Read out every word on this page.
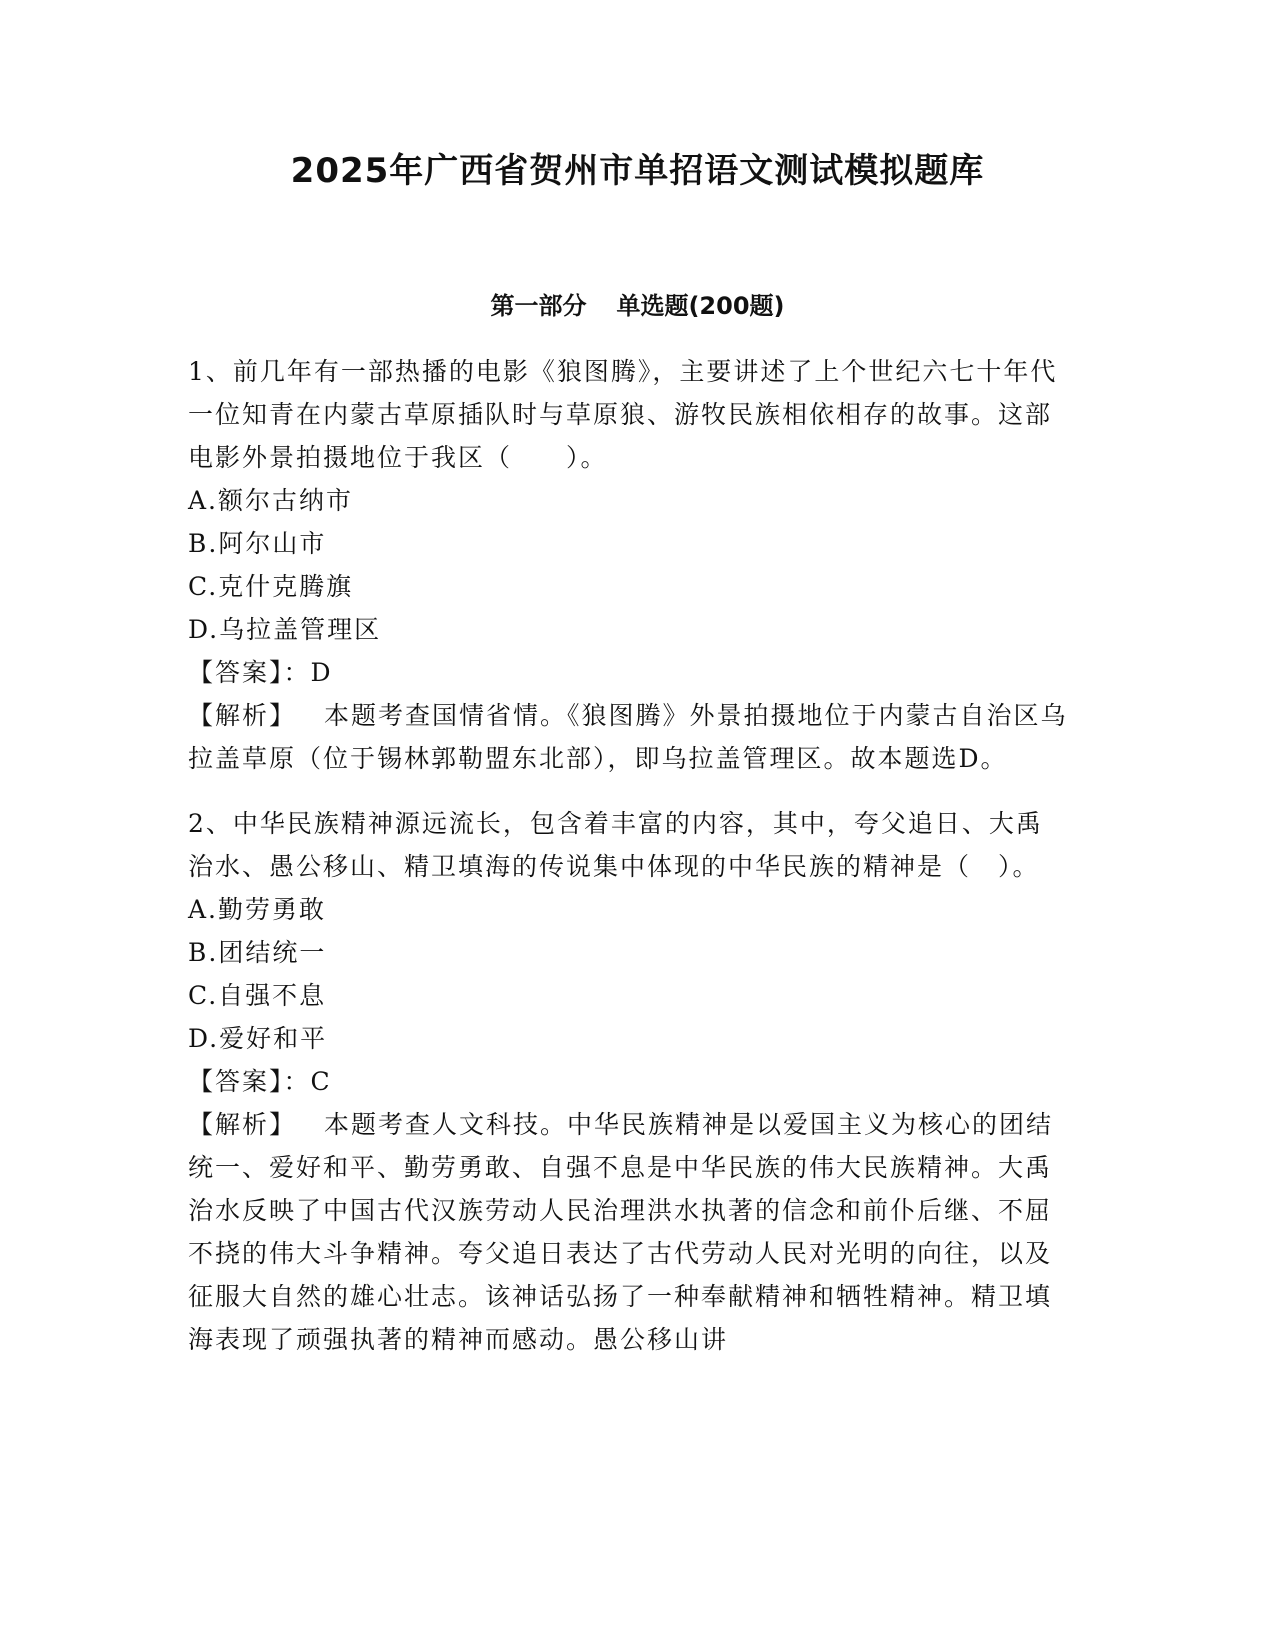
2025年广西省贺州市单招语文测试模拟题库
第一部分 单选题(200题)

1、前几年有一部热播的电影《狼图腾》，主要讲述了上个世纪六七十年代一位知青在内蒙古草原插队时与草原狼、游牧民族相依相存的故事。这部电影外景拍摄地位于我区（　　）。

A.额尔古纳市

B.阿尔山市

C.克什克腾旗

D.乌拉盖管理区

【答案】：D

【解析】 本题考查国情省情。《狼图腾》外景拍摄地位于内蒙古自治区乌拉盖草原（位于锡林郭勒盟东北部），即乌拉盖管理区。故本题选D。

2、中华民族精神源远流长，包含着丰富的内容，其中，夸父追日、大禹治水、愚公移山、精卫填海的传说集中体现的中华民族的精神是（　）。

A.勤劳勇敢

B.团结统一

C.自强不息

D.爱好和平

【答案】：C

【解析】 本题考查人文科技。中华民族精神是以爱国主义为核心的团结统一、爱好和平、勤劳勇敢、自强不息是中华民族的伟大民族精神。大禹治水反映了中国古代汉族劳动人民治理洪水执著的信念和前仆后继、不屈不挠的伟大斗争精神。夸父追日表达了古代劳动人民对光明的向往，以及征服大自然的雄心壮志。该神话弘扬了一种奉献精神和牺牲精神。精卫填海表现了顽强执著的精神而感动。愚公移山讲
